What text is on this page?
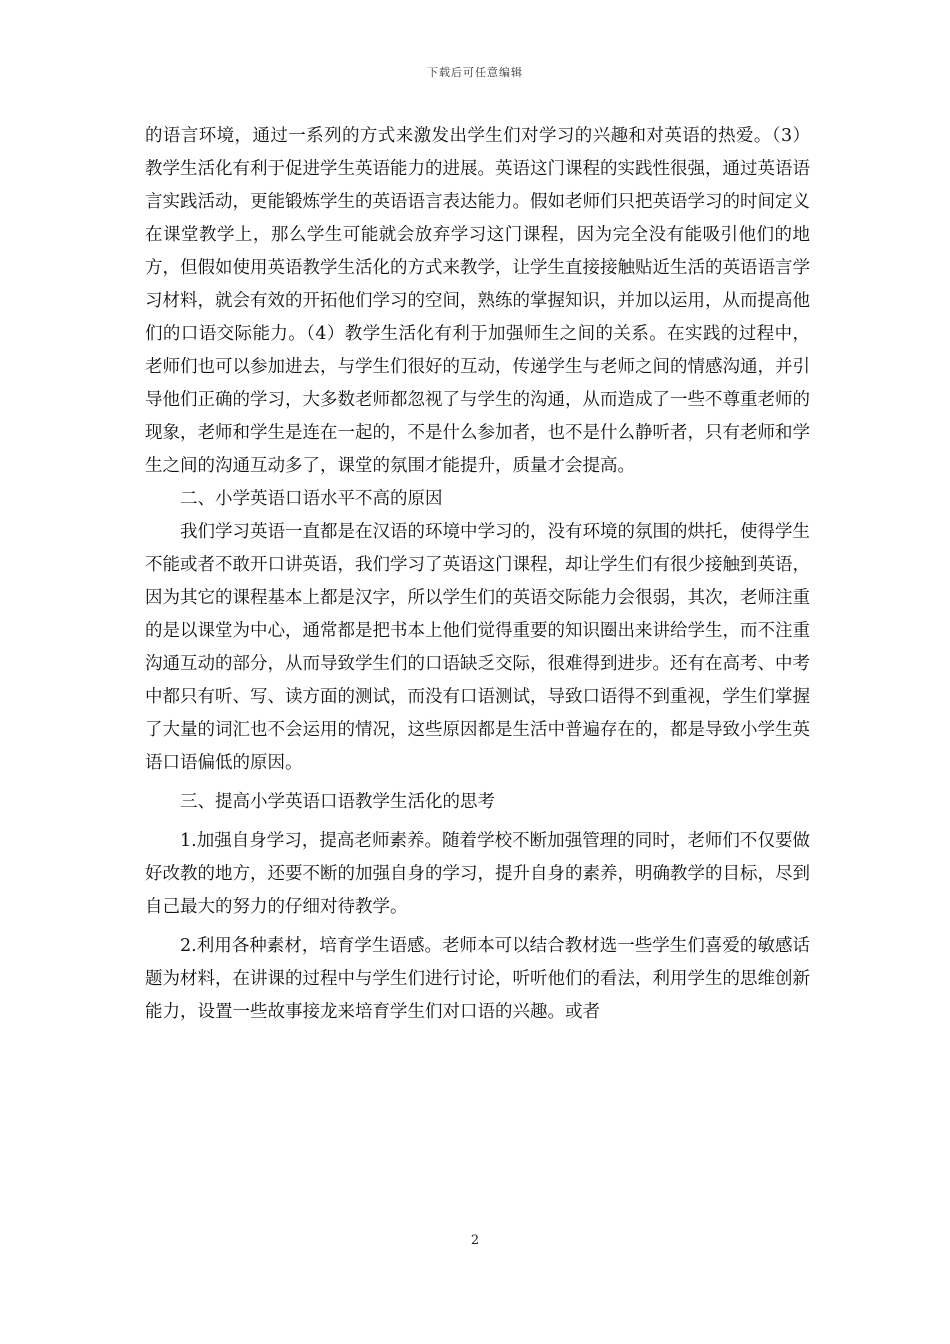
下载后可任意编辑

的语言环境，通过一系列的方式来激发出学生们对学习的兴趣和对英语的热爱。（3）教学生活化有利于促进学生英语能力的进展。英语这门课程的实践性很强，通过英语语言实践活动，更能锻炼学生的英语语言表达能力。假如老师们只把英语学习的时间定义在课堂教学上，那么学生可能就会放弃学习这门课程，因为完全没有能吸引他们的地方，但假如使用英语教学生活化的方式来教学，让学生直接接触贴近生活的英语语言学习材料，就会有效的开拓他们学习的空间，熟练的掌握知识，并加以运用，从而提高他们的口语交际能力。（4）教学生活化有利于加强师生之间的关系。在实践的过程中，老师们也可以参加进去，与学生们很好的互动，传递学生与老师之间的情感沟通，并引导他们正确的学习，大多数老师都忽视了与学生的沟通，从而造成了一些不尊重老师的现象，老师和学生是连在一起的，不是什么参加者，也不是什么静听者，只有老师和学生之间的沟通互动多了，课堂的氛围才能提升，质量才会提高。

二、小学英语口语水平不高的原因

我们学习英语一直都是在汉语的环境中学习的，没有环境的氛围的烘托，使得学生不能或者不敢开口讲英语，我们学习了英语这门课程，却让学生们有很少接触到英语，因为其它的课程基本上都是汉字，所以学生们的英语交际能力会很弱，其次，老师注重的是以课堂为中心，通常都是把书本上他们觉得重要的知识圈出来讲给学生，而不注重沟通互动的部分，从而导致学生们的口语缺乏交际，很难得到进步。还有在高考、中考中都只有听、写、读方面的测试，而没有口语测试，导致口语得不到重视，学生们掌握了大量的词汇也不会运用的情况，这些原因都是生活中普遍存在的，都是导致小学生英语口语偏低的原因。

三、提高小学英语口语教学生活化的思考

1.加强自身学习，提高老师素养。随着学校不断加强管理的同时，老师们不仅要做好改教的地方，还要不断的加强自身的学习，提升自身的素养，明确教学的目标，尽到自己最大的努力的仔细对待教学。

2.利用各种素材，培育学生语感。老师本可以结合教材选一些学生们喜爱的敏感话题为材料，在讲课的过程中与学生们进行讨论，听听他们的看法，利用学生的思维创新能力，设置一些故事接龙来培育学生们对口语的兴趣。或者

2
